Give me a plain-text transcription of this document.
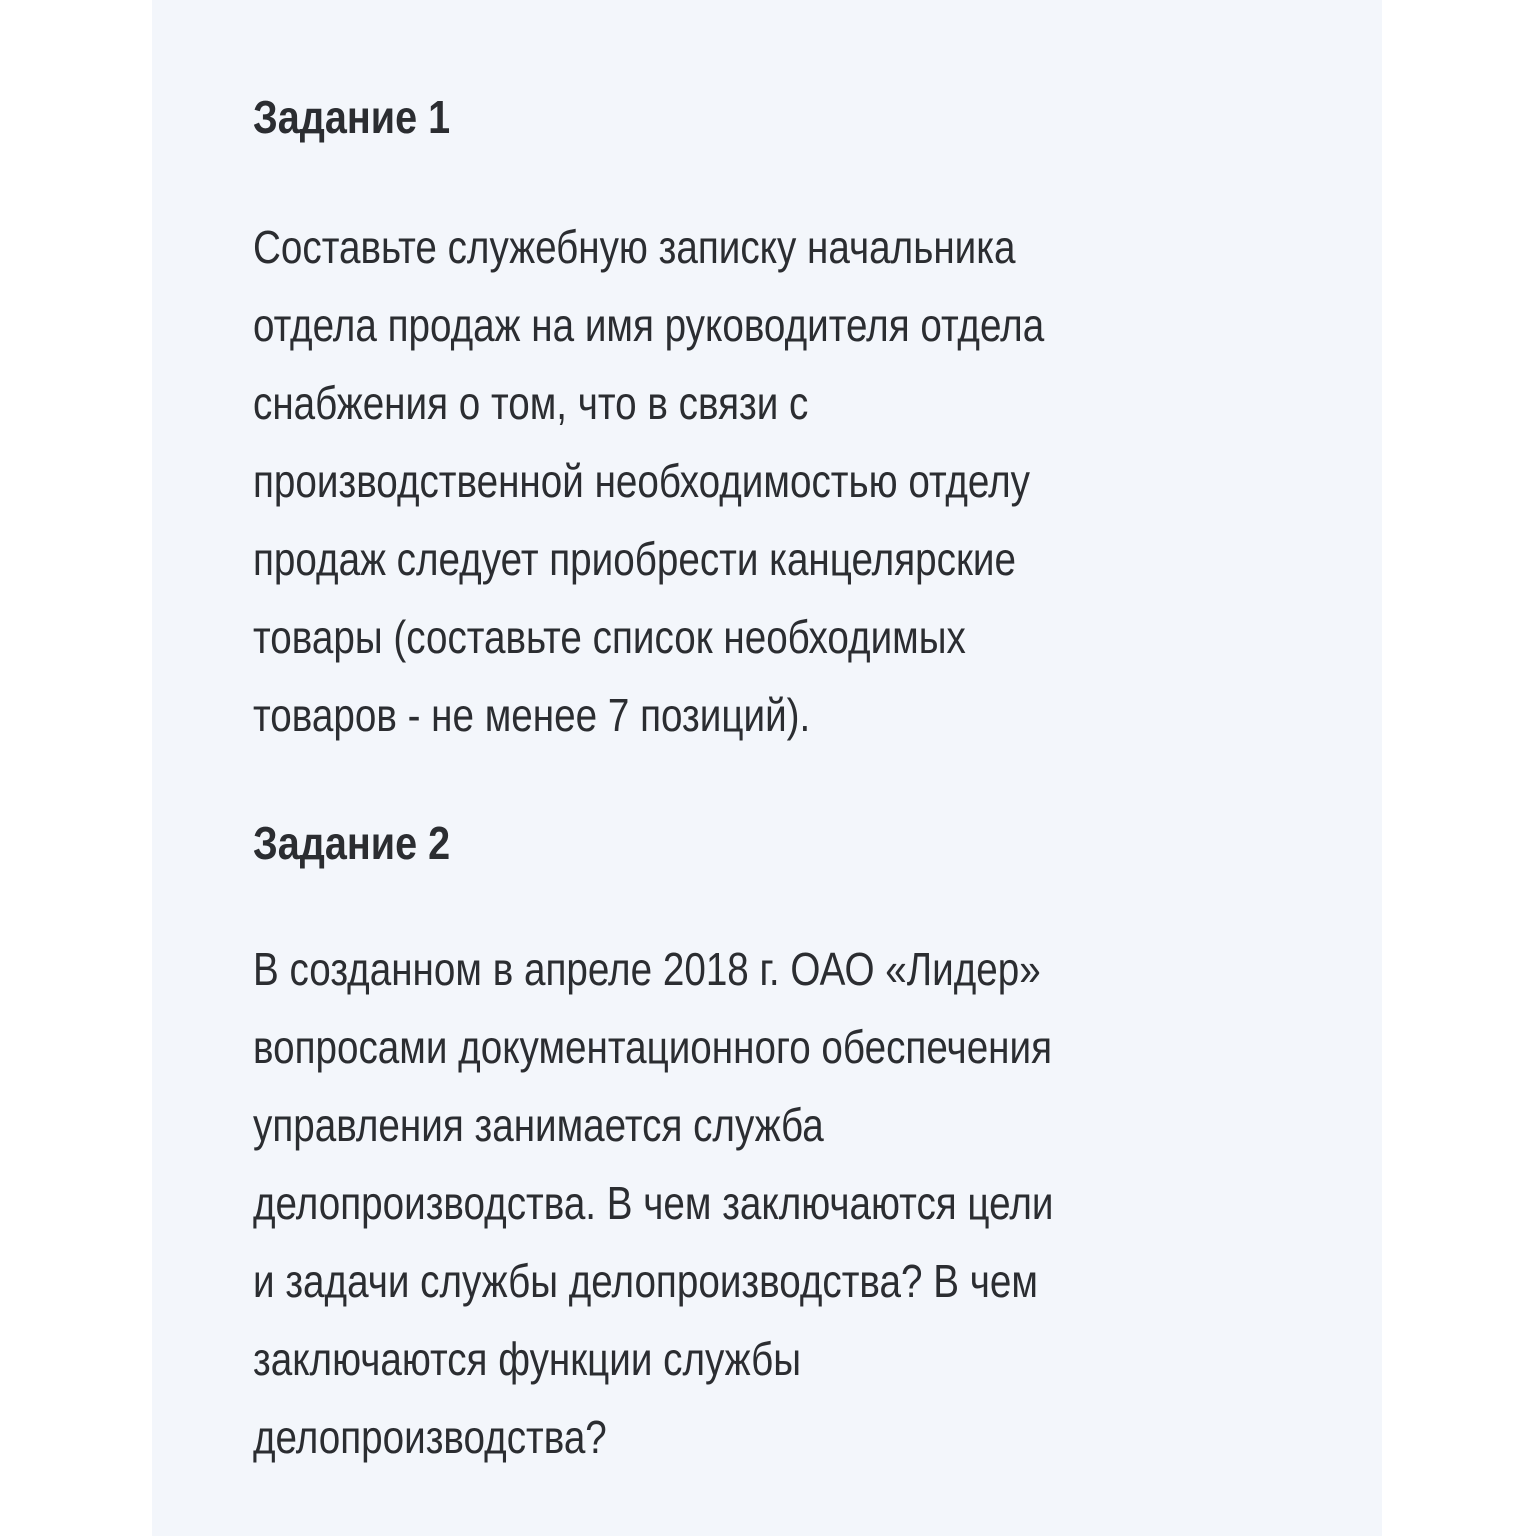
Задание 1
Составьте служебную записку начальника
отдела продаж на имя руководителя отдела
снабжения о том, что в связи с
производственной необходимостью отделу
продаж следует приобрести канцелярские
товары (составьте список необходимых
товаров - не менее 7 позиций).
Задание 2
В созданном в апреле 2018 г. ОАО «Лидер»
вопросами документационного обеспечения
управления занимается служба
делопроизводства. В чем заключаются цели
и задачи службы делопроизводства? В чем
заключаются функции службы
делопроизводства?
